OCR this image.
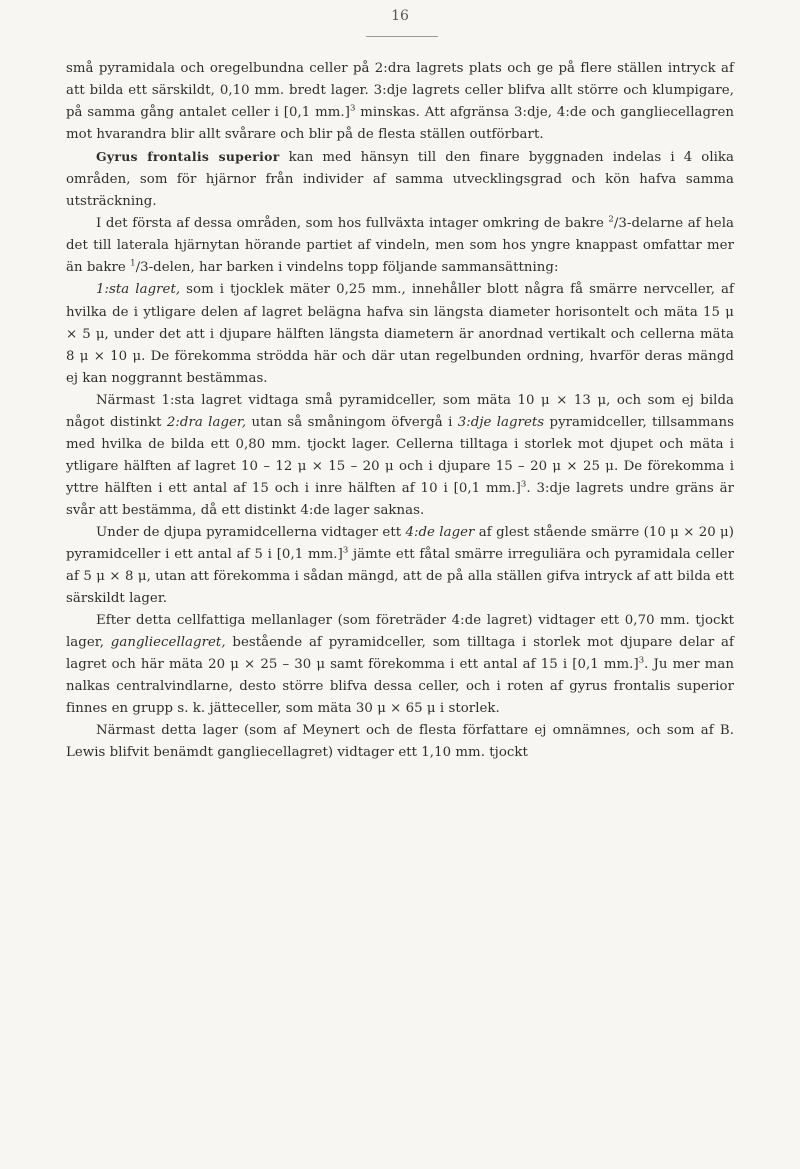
16

små pyramidala och oregelbundna celler på 2:dra lagrets plats och ge på flere ställen intryck af att bilda ett särskildt, 0,10 mm. bredt lager. 3:dje lagrets celler blifva allt större och klumpigare, på samma gång antalet celler i [0,1 mm.]$^3$ minskas. Att afgränsa 3:dje, 4:de och gangliecellagren mot hvarandra blir allt svårare och blir på de flesta ställen outförbart.

Gyrus frontalis superior kan med hänsyn till den finare byggnaden indelas i 4 olika områden, som för hjärnor från individer af samma utvecklingsgrad och kön hafva samma utsträckning.

I det första af dessa områden, som hos fullväxta intager omkring de bakre $^2$/3-delarne af hela det till laterala hjärnytan hörande partiet af vindeln, men som hos yngre knappast omfattar mer än bakre $^1$/3-delen, har barken i vindelns topp följande sammansättning:

1:sta lagret, som i tjocklek mäter 0,25 mm., innehåller blott några få smärre nervceller, af hvilka de i ytligare delen af lagret belägna hafva sin längsta diameter horisontelt och mäta 15 μ × 5 μ, under det att i djupare hälften längsta diametern är anordnad vertikalt och cellerna mäta 8 μ × 10 μ. De förekomma strödda här och där utan regelbunden ordning, hvarför deras mängd ej kan noggrannt bestämmas.

Närmast 1:sta lagret vidtaga små pyramidceller, som mäta 10 μ × 13 μ, och som ej bilda något distinkt 2:dra lager, utan så småningom öfvergå i 3:dje lagrets pyramidceller, tillsammans med hvilka de bilda ett 0,80 mm. tjockt lager. Cellerna tilltaga i storlek mot djupet och mäta i ytligare hälften af lagret 10 – 12 μ × 15 – 20 μ och i djupare 15 – 20 μ × 25 μ. De förekomma i yttre hälften i ett antal af 15 och i inre hälften af 10 i [0,1 mm.]$^3$. 3:dje lagrets undre gräns är svår att bestämma, då ett distinkt 4:de lager saknas.

Under de djupa pyramidcellerna vidtager ett 4:de lager af glest stående smärre (10 μ × 20 μ) pyramidceller i ett antal af 5 i [0,1 mm.]$^3$ jämte ett fåtal smärre irreguliära och pyramidala celler af 5 μ × 8 μ, utan att förekomma i sådan mängd, att de på alla ställen gifva intryck af att bilda ett särskildt lager.

Efter detta cellfattiga mellanlager (som företräder 4:de lagret) vidtager ett 0,70 mm. tjockt lager, gangliecellagret, bestående af pyramidceller, som tilltaga i storlek mot djupare delar af lagret och här mäta 20 μ × 25 – 30 μ samt förekomma i ett antal af 15 i [0,1 mm.]$^3$. Ju mer man nalkas centralvindlarne, desto större blifva dessa celler, och i roten af gyrus frontalis superior finnes en grupp s. k. jätteceller, som mäta 30 μ × 65 μ i storlek.

Närmast detta lager (som af Meynert och de flesta författare ej omnämnes, och som af B. Lewis blifvit benämdt gangliecellagret) vidtager ett 1,10 mm. tjockt
